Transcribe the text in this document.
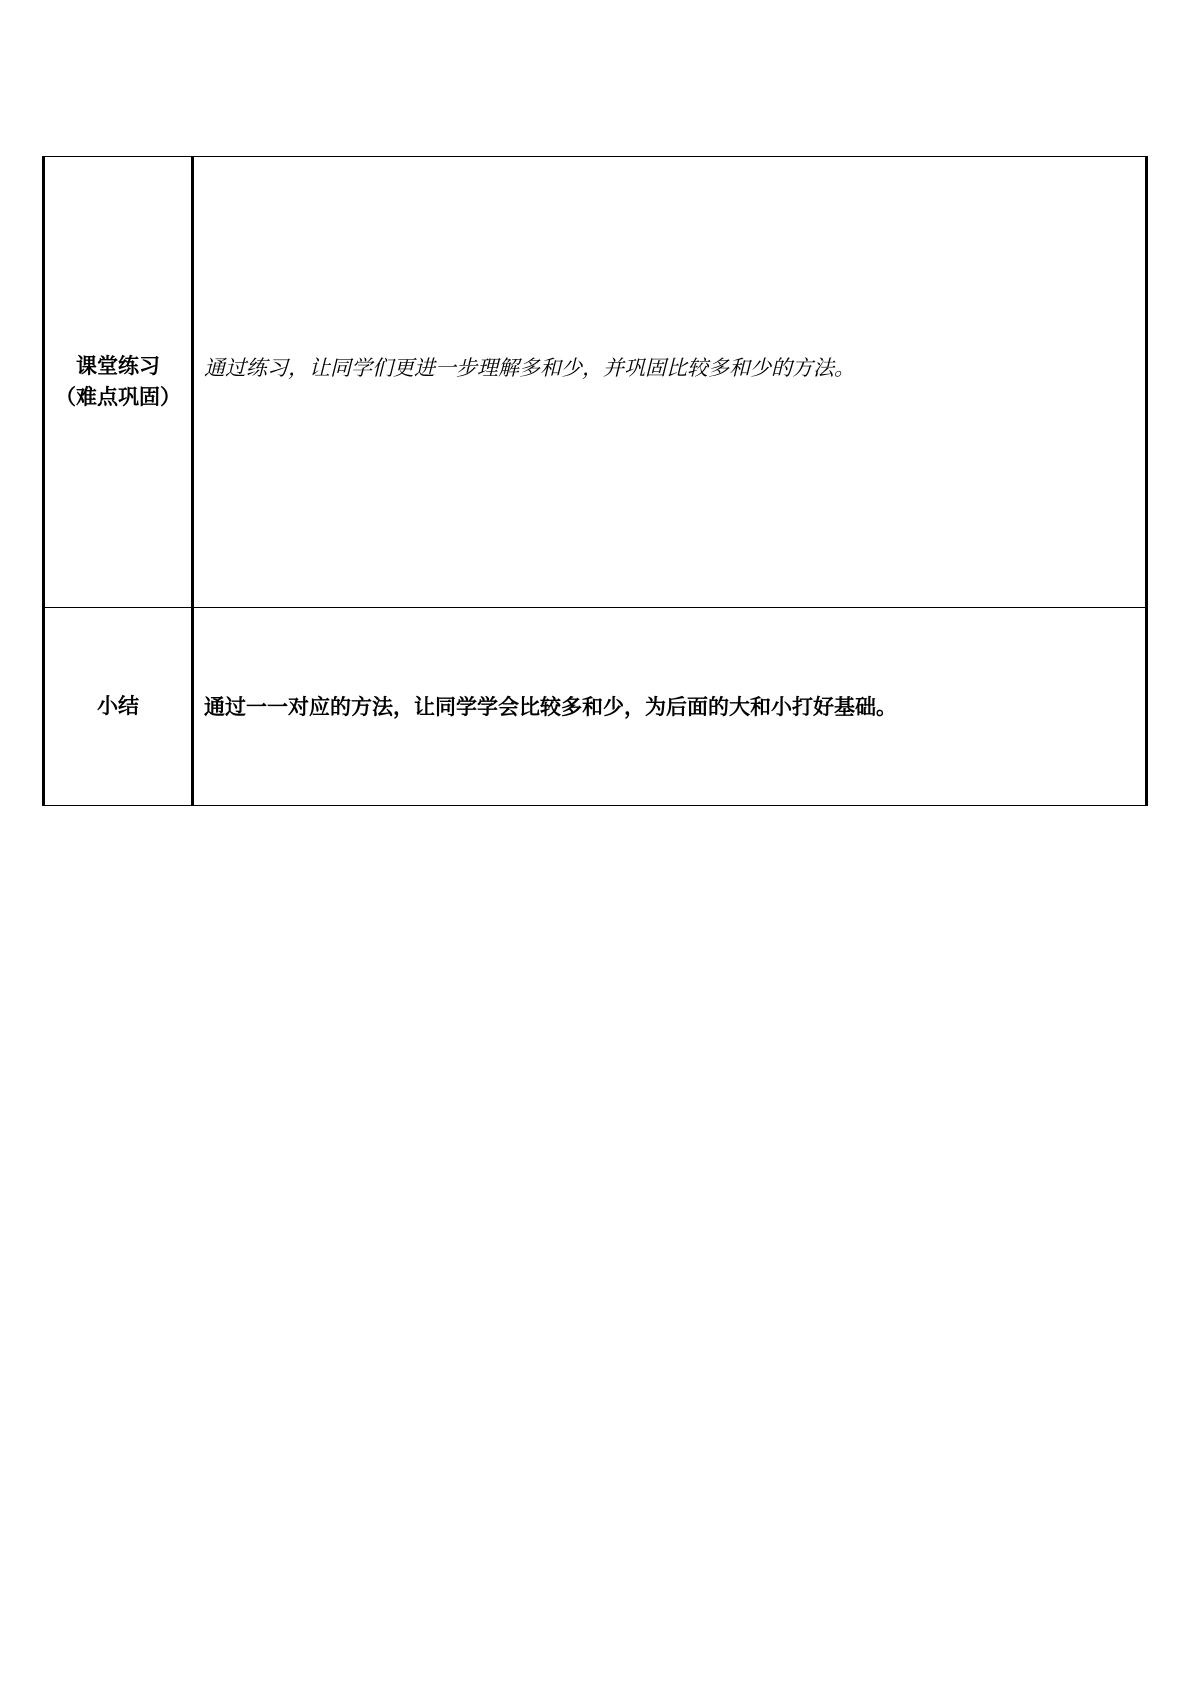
课堂练习
（难点巩固）
通过练习，让同学们更进一步理解多和少，并巩固比较多和少的方法。
小结	通过一一对应的方法，让同学学会比较多和少，为后面的大和小打好基础。
